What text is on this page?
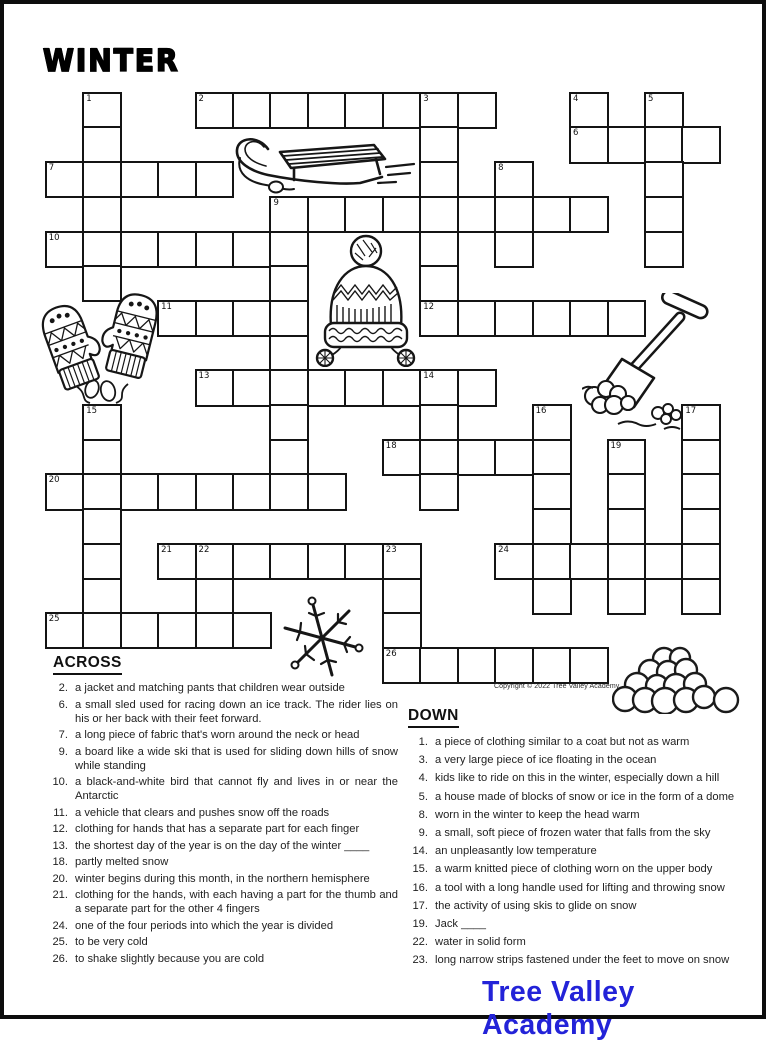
WINTER
1	2	3	4	5
6
7	8
9
10
11	12
13	14
15	16	17
18	19
20
21	22	23	24
25
26
ACROSS
2. a jacket and matching pants that children wear outside
6. a small sled used for racing down an ice track. The rider lies on his or her back with their feet forward.
7. a long piece of fabric that's worn around the neck or head
9. a board like a wide ski that is used for sliding down hills of snow while standing
10. a black-and-white bird that cannot fly and lives in or near the Antarctic
11. a vehicle that clears and pushes snow off the roads
12. clothing for hands that has a separate part for each finger
13. the shortest day of the year is on the day of the winter ____
18. partly melted snow
20. winter begins during this month, in the northern hemisphere
21. clothing for the hands, with each having a part for the thumb and a separate part for the other 4 fingers
24. one of the four periods into which the year is divided
25. to be very cold
26. to shake slightly because you are cold
DOWN
1. a piece of clothing similar to a coat but not as warm
3. a very large piece of ice floating in the ocean
4. kids like to ride on this in the winter, especially down a hill
5. a house made of blocks of snow or ice in the form of a dome
8. worn in the winter to keep the head warm
9. a small, soft piece of frozen water that falls from the sky
14. an unpleasantly low temperature
15. a warm knitted piece of clothing worn on the upper body
16. a tool with a long handle used for lifting and throwing snow
17. the activity of using skis to glide on snow
19. Jack ____
22. water in solid form
23. long narrow strips fastened under the feet to move on snow
Copyright © 2022 Tree Valley Academy
Tree Valley Academy
